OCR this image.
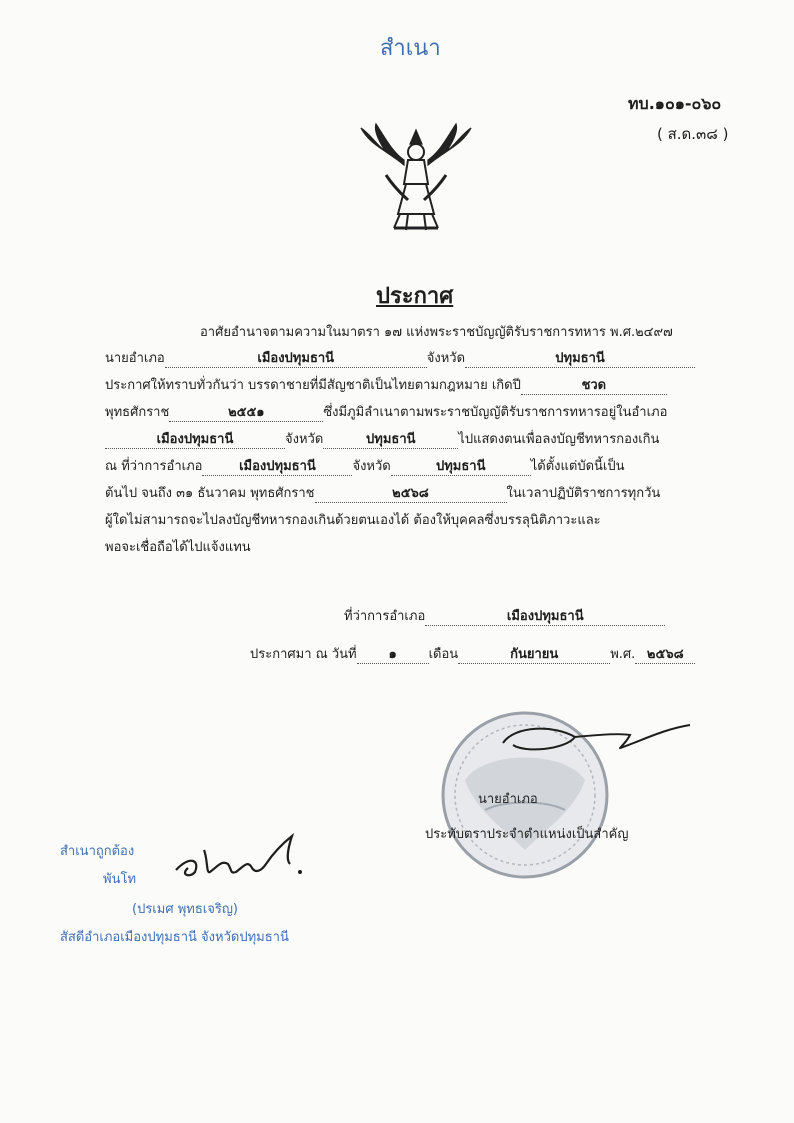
สำเนา
ทบ.๑๐๑-๐๖๐
( ส.ด.๓๘ )
ประกาศ
อาศัยอำนาจตามความในมาตรา ๑๗ แห่งพระราชบัญญัติรับราชการทหาร พ.ศ.๒๔๙๗
นายอำเภอ	เมืองปทุมธานี	จังหวัด	ปทุมธานี
ประกาศให้ทราบทั่วกันว่า บรรดาชายที่มีสัญชาติเป็นไทยตามกฎหมาย เกิดปี	ชวด
พุทธศักราช	๒๕๕๑	ซึ่งมีภูมิลำเนาตามพระราชบัญญัติรับราชการทหารอยู่ในอำเภอ
เมืองปทุมธานี	จังหวัด	ปทุมธานี	ไปแสดงตนเพื่อลงบัญชีทหารกองเกิน
ณ ที่ว่าการอำเภอ	เมืองปทุมธานี	จังหวัด	ปทุมธานี	ได้ตั้งแต่บัดนี้เป็น
ต้นไป จนถึง ๓๑ ธันวาคม พุทธศักราช	๒๕๖๘	ในเวลาปฏิบัติราชการทุกวัน
ผู้ใดไม่สามารถจะไปลงบัญชีทหารกองเกินด้วยตนเองได้ ต้องให้บุคคลซึ่งบรรลุนิติภาวะและ
พอจะเชื่อถือได้ไปแจ้งแทน
ที่ว่าการอำเภอ	เมืองปทุมธานี
ประกาศมา ณ วันที่ ๑ เดือน	กันยายน	พ.ศ. ๒๕๖๘
นายอำเภอ
ประทับตราประจำตำแหน่งเป็นสำคัญ
สำเนาถูกต้อง
พันโท
(ปรเมศ พุทธเจริญ)
สัสดีอำเภอเมืองปทุมธานี จังหวัดปทุมธานี
